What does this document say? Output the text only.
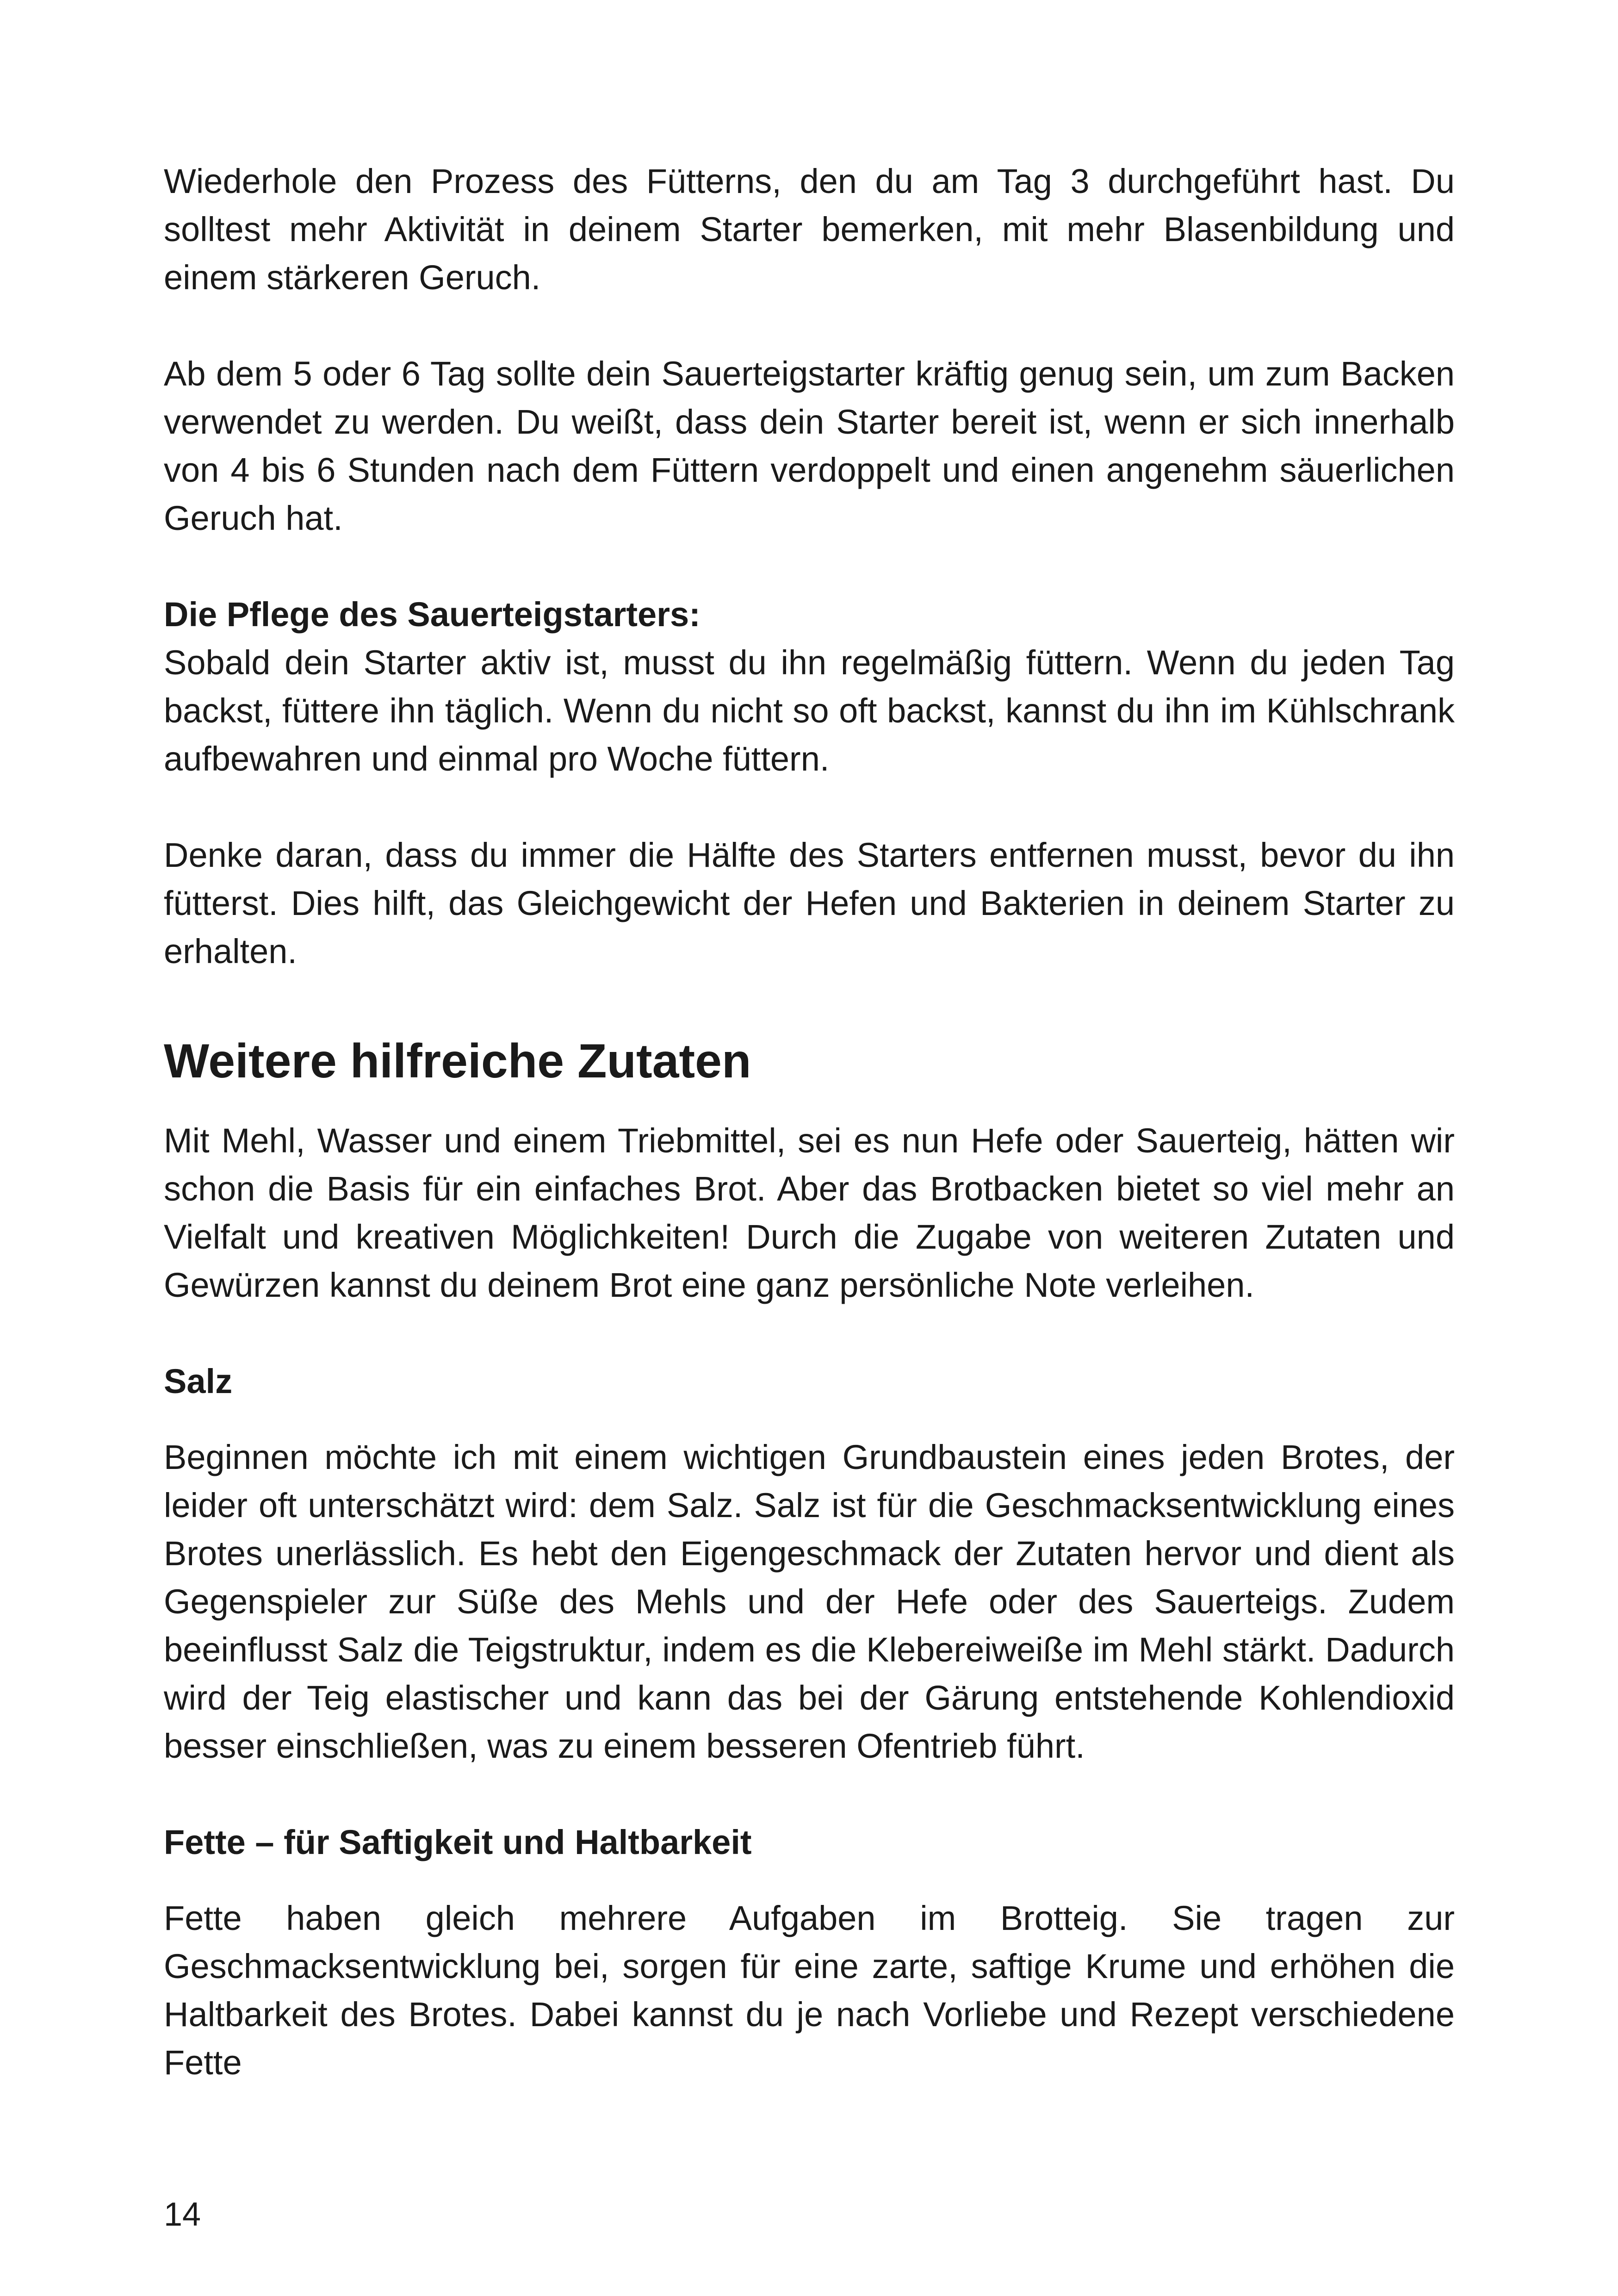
Wiederhole den Prozess des Fütterns, den du am Tag 3 durchgeführt hast. Du solltest mehr Aktivität in deinem Starter bemerken, mit mehr Blasenbildung und einem stärkeren Geruch.

Ab dem 5 oder 6 Tag sollte dein Sauerteigstarter kräftig genug sein, um zum Backen verwendet zu werden. Du weißt, dass dein Starter bereit ist, wenn er sich innerhalb von 4 bis 6 Stunden nach dem Füttern verdoppelt und einen angenehm säuerlichen Geruch hat.

Die Pflege des Sauerteigstarters:

Sobald dein Starter aktiv ist, musst du ihn regelmäßig füttern. Wenn du jeden Tag backst, füttere ihn täglich. Wenn du nicht so oft backst, kannst du ihn im Kühlschrank aufbewahren und einmal pro Woche füttern.

Denke daran, dass du immer die Hälfte des Starters entfernen musst, bevor du ihn fütterst. Dies hilft, das Gleichgewicht der Hefen und Bakterien in deinem Starter zu erhalten.

Weitere hilfreiche Zutaten

Mit Mehl, Wasser und einem Triebmittel, sei es nun Hefe oder Sauerteig, hätten wir schon die Basis für ein einfaches Brot. Aber das Brotbacken bietet so viel mehr an Vielfalt und kreativen Möglichkeiten! Durch die Zugabe von weiteren Zutaten und Gewürzen kannst du deinem Brot eine ganz persönliche Note verleihen.

Salz

Beginnen möchte ich mit einem wichtigen Grundbaustein eines jeden Brotes, der leider oft unterschätzt wird: dem Salz. Salz ist für die Geschmacksentwicklung eines Brotes unerlässlich. Es hebt den Eigengeschmack der Zutaten hervor und dient als Gegenspieler zur Süße des Mehls und der Hefe oder des Sauerteigs. Zudem beeinflusst Salz die Teigstruktur, indem es die Klebereiweiße im Mehl stärkt. Dadurch wird der Teig elastischer und kann das bei der Gärung entstehende Kohlendioxid besser einschließen, was zu einem besseren Ofentrieb führt.

Fette – für Saftigkeit und Haltbarkeit

Fette haben gleich mehrere Aufgaben im Brotteig. Sie tragen zur Geschmacksentwicklung bei, sorgen für eine zarte, saftige Krume und erhöhen die Haltbarkeit des Brotes. Dabei kannst du je nach Vorliebe und Rezept verschiedene Fette

14
